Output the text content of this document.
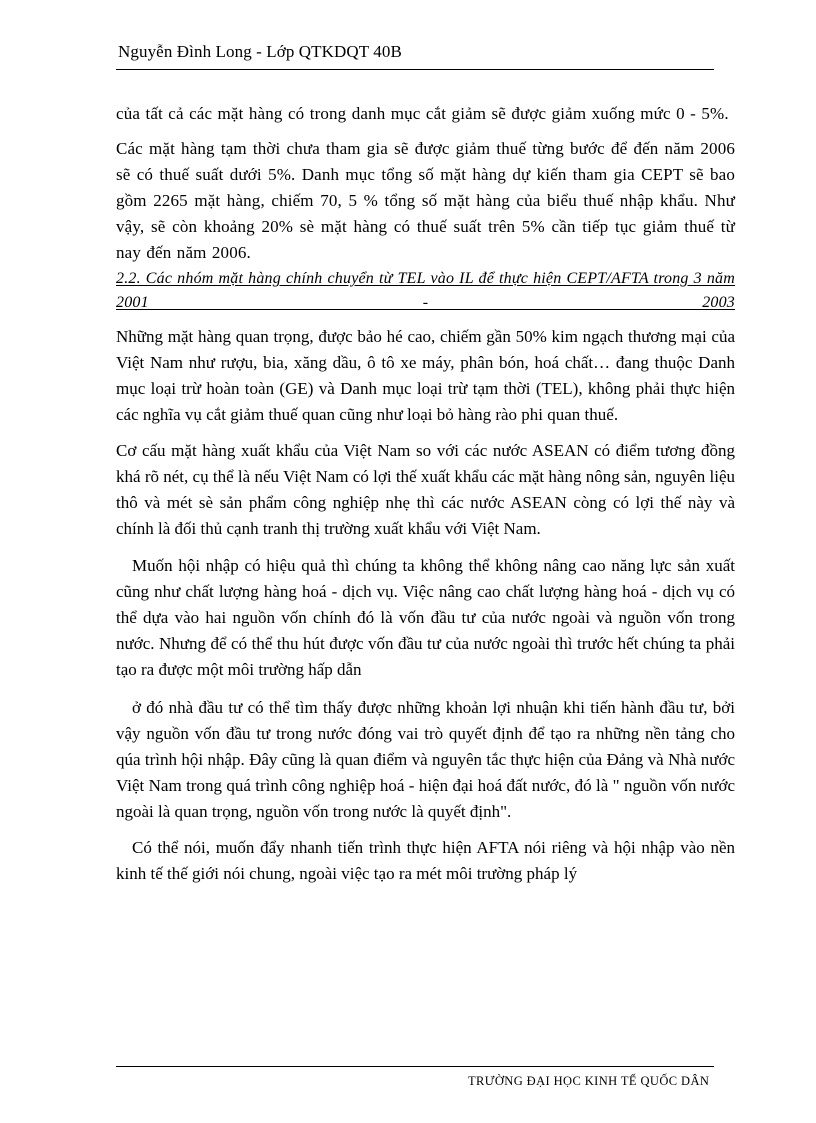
Nguyễn Đình Long - Lớp QTKDQT 40B

của tất cả các mặt hàng có trong danh mục cắt giảm sẽ được giảm xuống mức 0 - 5%.

Các mặt hàng tạm thời chưa tham gia sẽ được giảm thuế từng bước để đến năm 2006 sẽ có thuế suất dưới 5%. Danh mục tổng số mặt hàng dự kiến tham gia CEPT sẽ bao gồm 2265 mặt hàng, chiếm 70, 5 % tổng số mặt hàng của biểu thuế nhập khẩu. Như vậy, sẽ còn khoảng 20% sè mặt hàng có thuế suất trên 5% cần tiếp tục giảm thuế từ nay đến năm 2006.

2.2. Các nhóm mặt hàng chính chuyển từ TEL vào IL để thực hiện CEPT/AFTA trong 3 năm 2001 - 2003

Những mặt hàng quan trọng, được bảo hé cao, chiếm gần 50% kim ngạch thương mại của Việt Nam như rượu, bia, xăng dầu, ô tô xe máy, phân bón, hoá chất… đang thuộc Danh mục loại trừ hoàn toàn (GE) và Danh mục loại trừ tạm thời (TEL), không phải thực hiện các nghĩa vụ cắt giảm thuế quan cũng như loại bỏ hàng rào phi quan thuế.

Cơ cấu mặt hàng xuất khẩu của Việt Nam so với các nước ASEAN có điểm tương đồng khá rõ nét, cụ thể là nếu Việt Nam có lợi thế xuất khẩu các mặt hàng nông sản, nguyên liệu thô và mét sè sản phẩm công nghiệp nhẹ thì các nước ASEAN còng có lợi thế này và chính là đối thủ cạnh tranh thị trường xuất khẩu với Việt Nam.

Muốn hội nhập có hiệu quả thì chúng ta không thể không nâng cao năng lực sản xuất cũng như chất lượng hàng hoá - dịch vụ. Việc nâng cao chất lượng hàng hoá - dịch vụ có thể dựa vào hai nguồn vốn chính đó là vốn đầu tư của nước ngoài và nguồn vốn trong nước. Nhưng để có thể thu hút được vốn đầu tư của nước ngoài thì trước hết chúng ta phải tạo ra được một môi trường hấp dẫn

ở đó nhà đầu tư có thể tìm thấy được những khoản lợi nhuận khi tiến hành đầu tư, bởi vậy nguồn vốn đầu tư trong nước đóng vai trò quyết định để tạo ra những nền tảng cho qúa trình hội nhập. Đây cũng là quan điểm và nguyên tắc thực hiện của Đảng và Nhà nước Việt Nam trong quá trình công nghiệp hoá - hiện đại hoá đất nước, đó là " nguồn vốn nước ngoài là quan trọng, nguồn vốn trong nước là quyết định".

Có thể nói, muốn đẩy nhanh tiến trình thực hiện AFTA nói riêng và hội nhập vào nền kinh tế thế giới nói chung, ngoài việc tạo ra mét môi trường pháp lý

TRƯỜNG ĐẠI HỌC KINH TẾ QUỐC DÂN
